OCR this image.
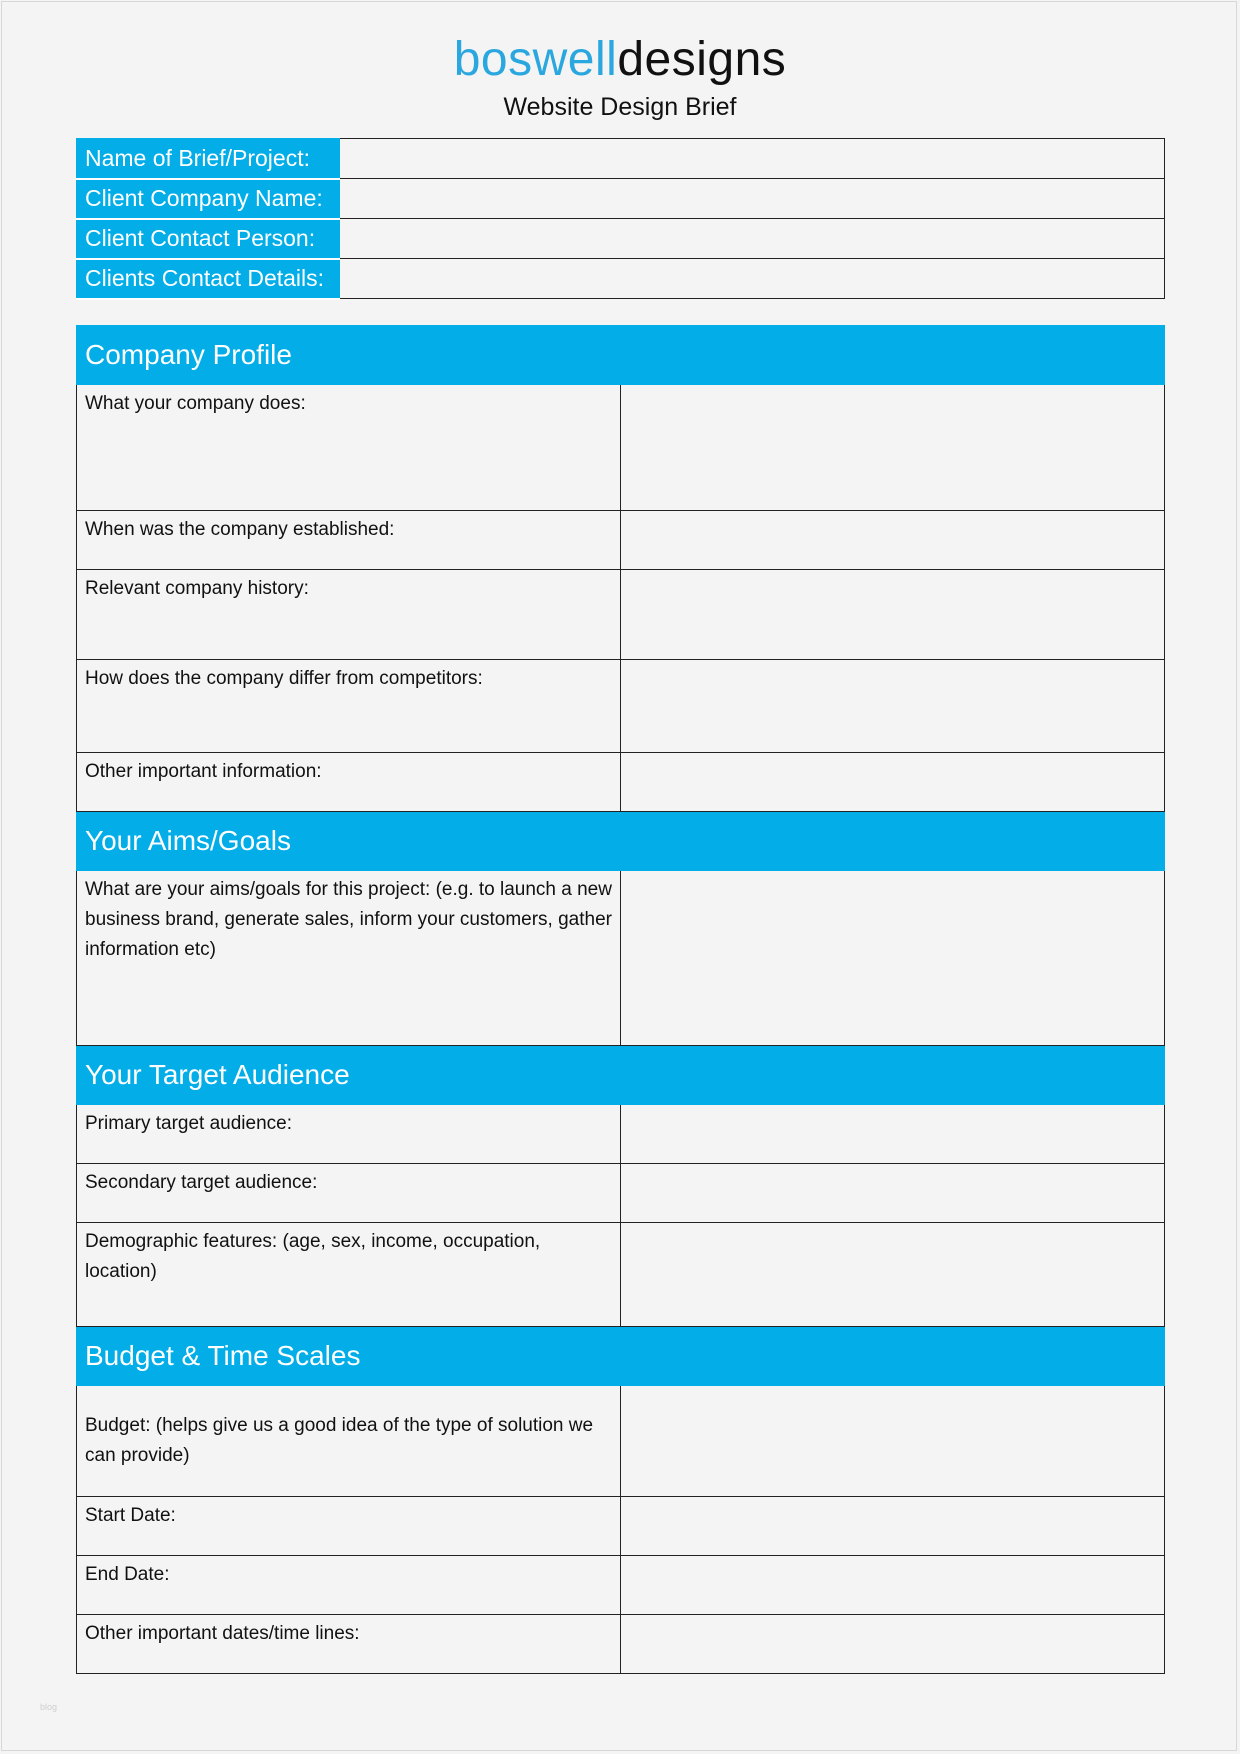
boswelldesigns
Website Design Brief
Name of Brief/Project:	
Client Company Name:	
Client Contact Person:	
Clients Contact Details:	
Company Profile	
What your company does:	
When was the company established:	
Relevant company history:	
How does the company differ from competitors:	
Other important information:	
Your Aims/Goals	
What are your aims/goals for this project: (e.g. to launch a new business brand, generate sales, inform your customers, gather information etc)	
Your Target Audience	
Primary target audience:	
Secondary target audience:	
Demographic features: (age, sex, income, occupation, location)	
Budget & Time Scales	
Budget: (helps give us a good idea of the type of solution we can provide)	
Start Date:	
End Date:	
Other important dates/time lines:	
blog
